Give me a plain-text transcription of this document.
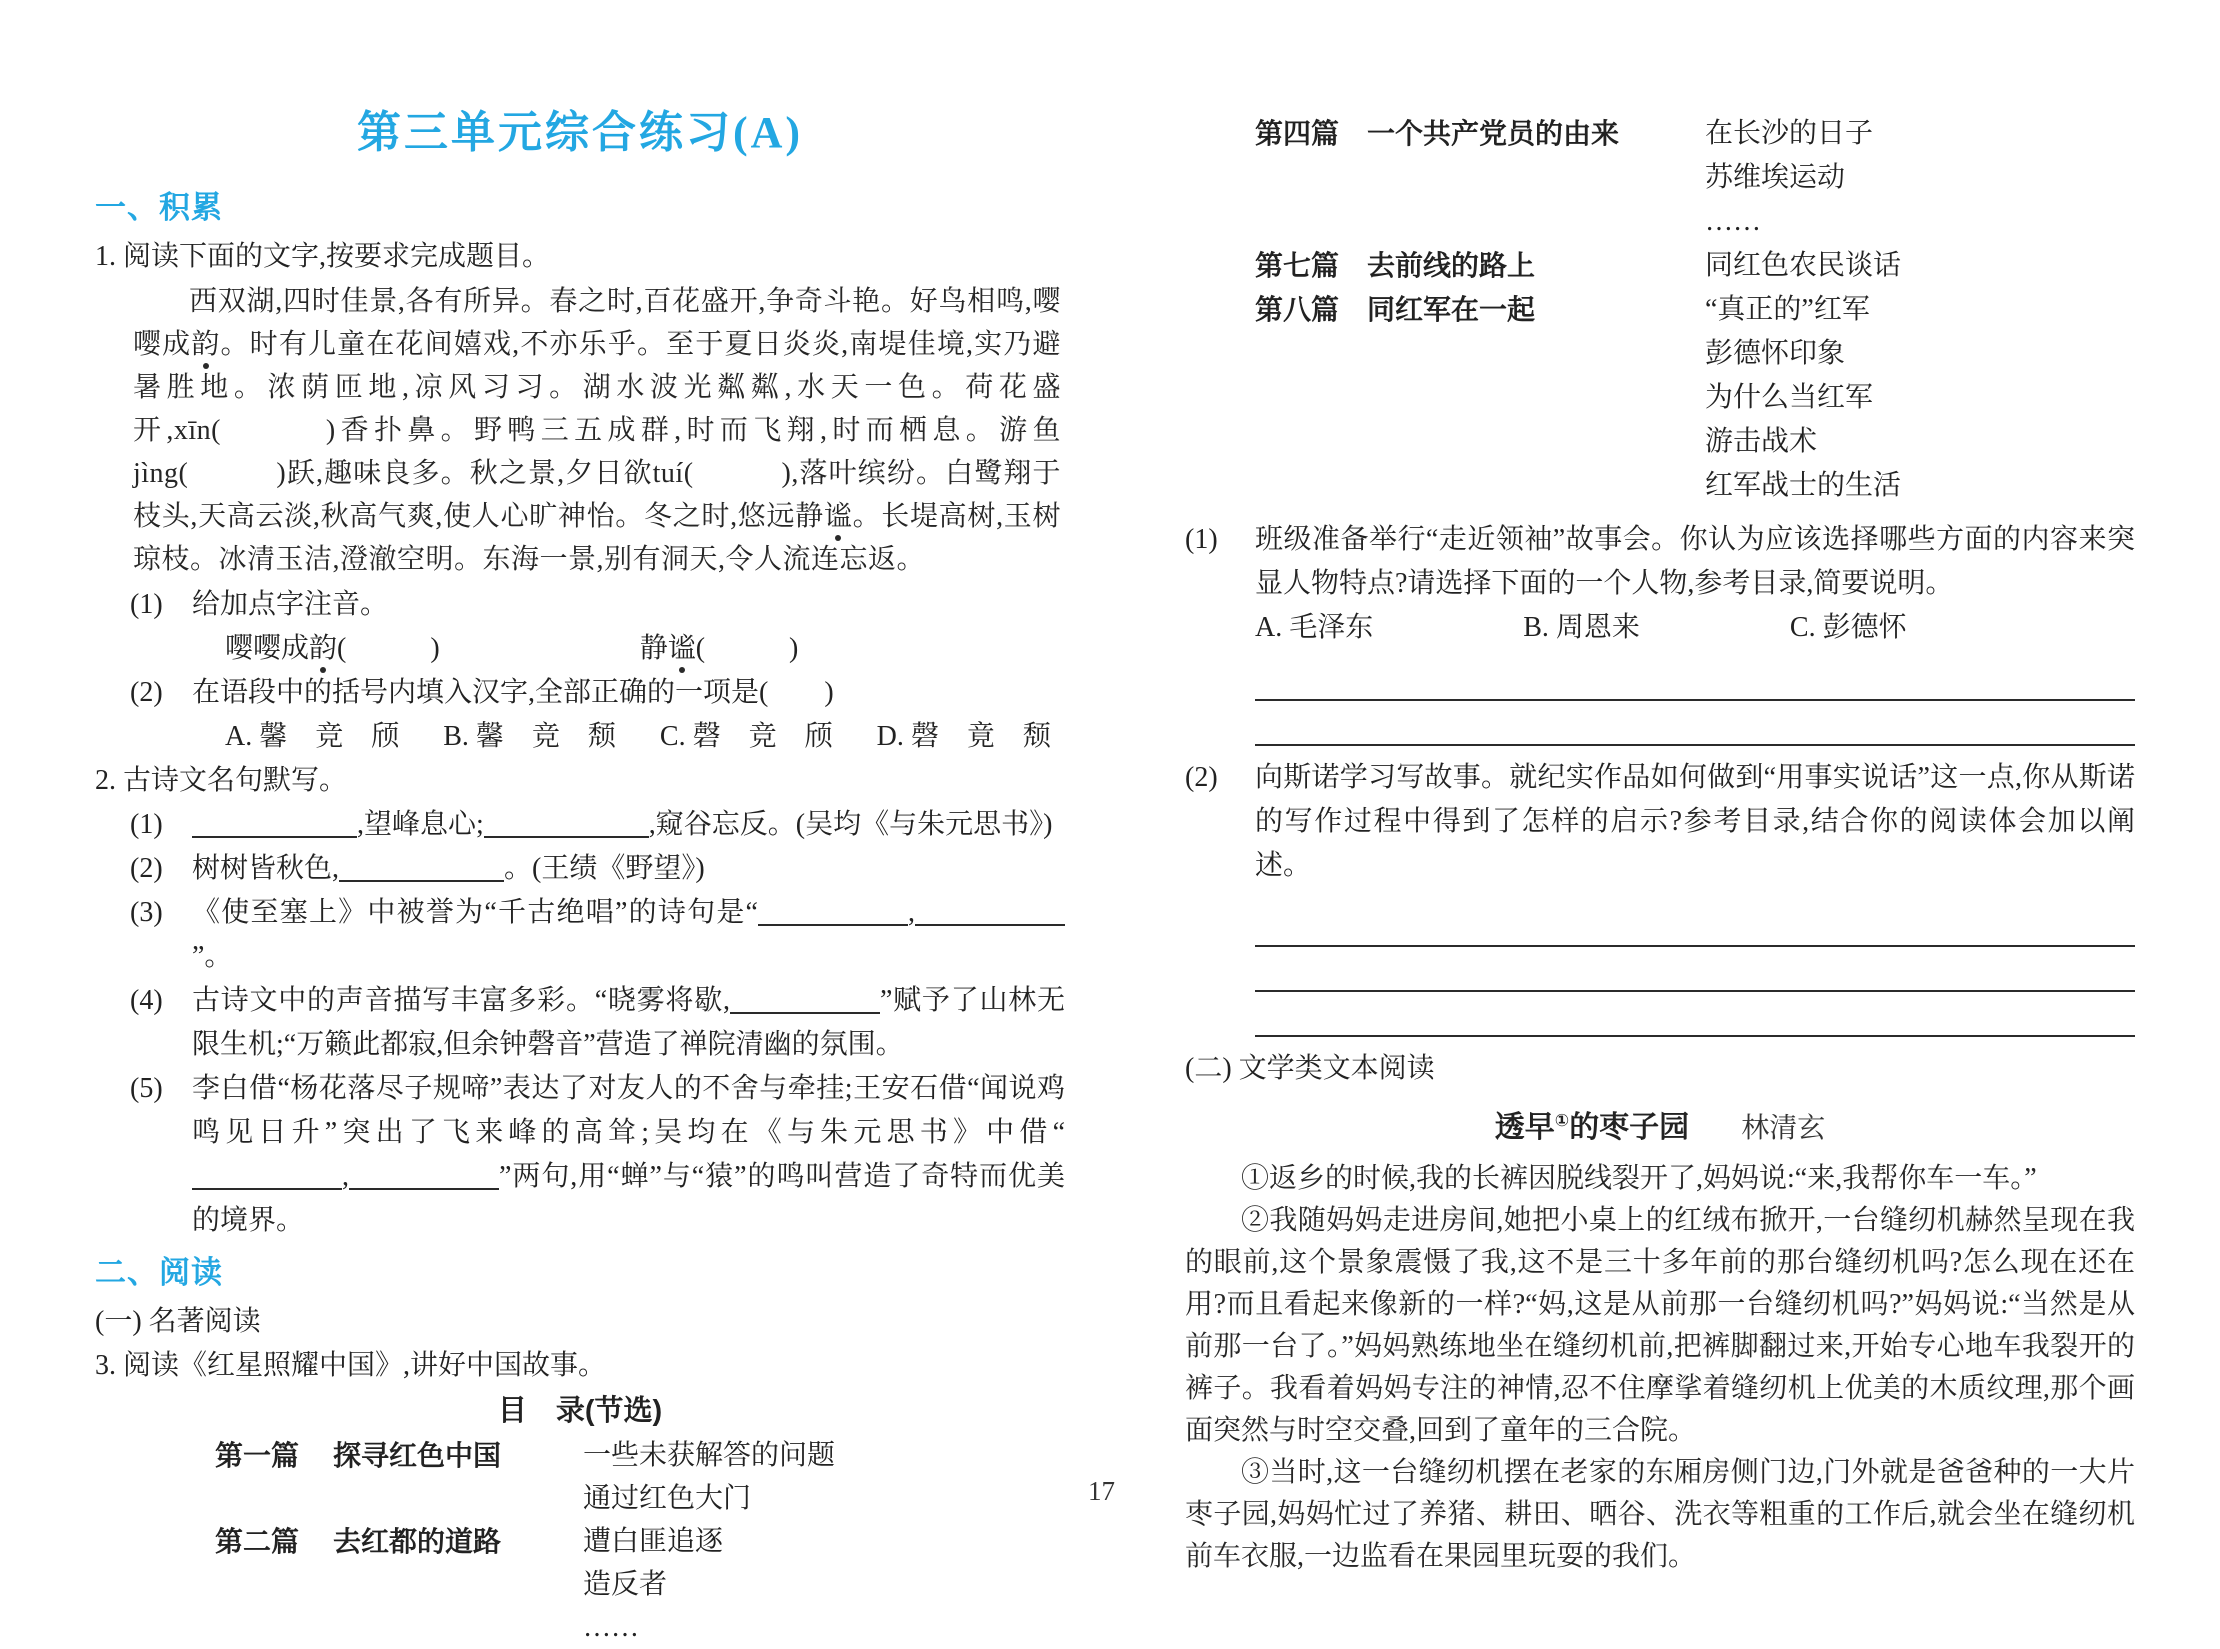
第三单元综合练习(A)
一、积累
1. 阅读下面的文字,按要求完成题目。
西双湖,四时佳景,各有所异。春之时,百花盛开,争奇斗艳。好鸟相鸣,嘤嘤成韵。时有儿童在花间嬉戏,不亦乐乎。至于夏日炎炎,南堤佳境,实乃避暑胜地。浓荫匝地,凉风习习。湖水波光粼粼,水天一色。荷花盛开,xīn(　　　)香扑鼻。野鸭三五成群,时而飞翔,时而栖息。游鱼jìng(　　　)跃,趣味良多。秋之景,夕日欲tuí(　　　),落叶缤纷。白鹭翔于枝头,天高云淡,秋高气爽,使人心旷神怡。冬之时,悠远静谧。长堤高树,玉树琼枝。冰清玉洁,澄澈空明。东海一景,别有洞天,令人流连忘返。
(1)	给加点字注音。
嘤嘤成韵(　　　)	静谧(　　　)
(2)	在语段中的括号内填入汉字,全部正确的一项是(　　)
A. 馨　竞　颀 B. 馨　竞　颓 C. 磬　竞　颀 D. 磬　竟　颓
2. 古诗文名句默写。
(1)	,望峰息心;	,窥谷忘反。(吴均《与朱元思书》)
(2)	树树皆秋色,	。(王绩《野望》)
(3)	《使至塞上》中被誉为“千古绝唱”的诗句是“	,”。
(4)	古诗文中的声音描写丰富多彩。“晓雾将歇,	”赋予了山林无限生机;“万籁此都寂,但余钟磬音”营造了禅院清幽的氛围。
(5)	李白借“杨花落尽子规啼”表达了对友人的不舍与牵挂;王安石借“闻说鸡鸣见日升”突出了飞来峰的高耸;吴均在《与朱元思书》中借“,	”两句,用“蝉”与“猿”的鸣叫营造了奇特而优美的境界。
二、阅读
(一) 名著阅读
3. 阅读《红星照耀中国》,讲好中国故事。
目　录(节选)
第一篇	探寻红色中国	一些未获解答的问题
通过红色大门
第二篇	去红都的道路	遭白匪追逐
造反者
……
第四篇 一个共产党员的由来	在长沙的日子
苏维埃运动
……
第七篇 去前线的路上	同红色农民谈话
第八篇 同红军在一起	“真正的”红军
彭德怀印象
为什么当红军
游击战术
红军战士的生活
(1)	班级准备举行“走近领袖”故事会。你认为应该选择哪些方面的内容来突显人物特点?请选择下面的一个人物,参考目录,简要说明。
A. 毛泽东	B. 周恩来	C. 彭德怀
(2)	向斯诺学习写故事。就纪实作品如何做到“用事实说话”这一点,你从斯诺的写作过程中得到了怎样的启示?参考目录,结合你的阅读体会加以阐述。
(二) 文学类文本阅读
透早①的枣子园 林清玄
①返乡的时候,我的长裤因脱线裂开了,妈妈说:“来,我帮你车一车。”
②我随妈妈走进房间,她把小桌上的红绒布掀开,一台缝纫机赫然呈现在我的眼前,这个景象震慑了我,这不是三十多年前的那台缝纫机吗?怎么现在还在用?而且看起来像新的一样?“妈,这是从前那一台缝纫机吗?”妈妈说:“当然是从前那一台了。”妈妈熟练地坐在缝纫机前,把裤脚翻过来,开始专心地车我裂开的裤子。我看着妈妈专注的神情,忍不住摩挲着缝纫机上优美的木质纹理,那个画面突然与时空交叠,回到了童年的三合院。
③当时,这一台缝纫机摆在老家的东厢房侧门边,门外就是爸爸种的一大片枣子园,妈妈忙过了养猪、耕田、晒谷、洗衣等粗重的工作后,就会坐在缝纫机前车衣服,一边监看在果园里玩耍的我们。
17
